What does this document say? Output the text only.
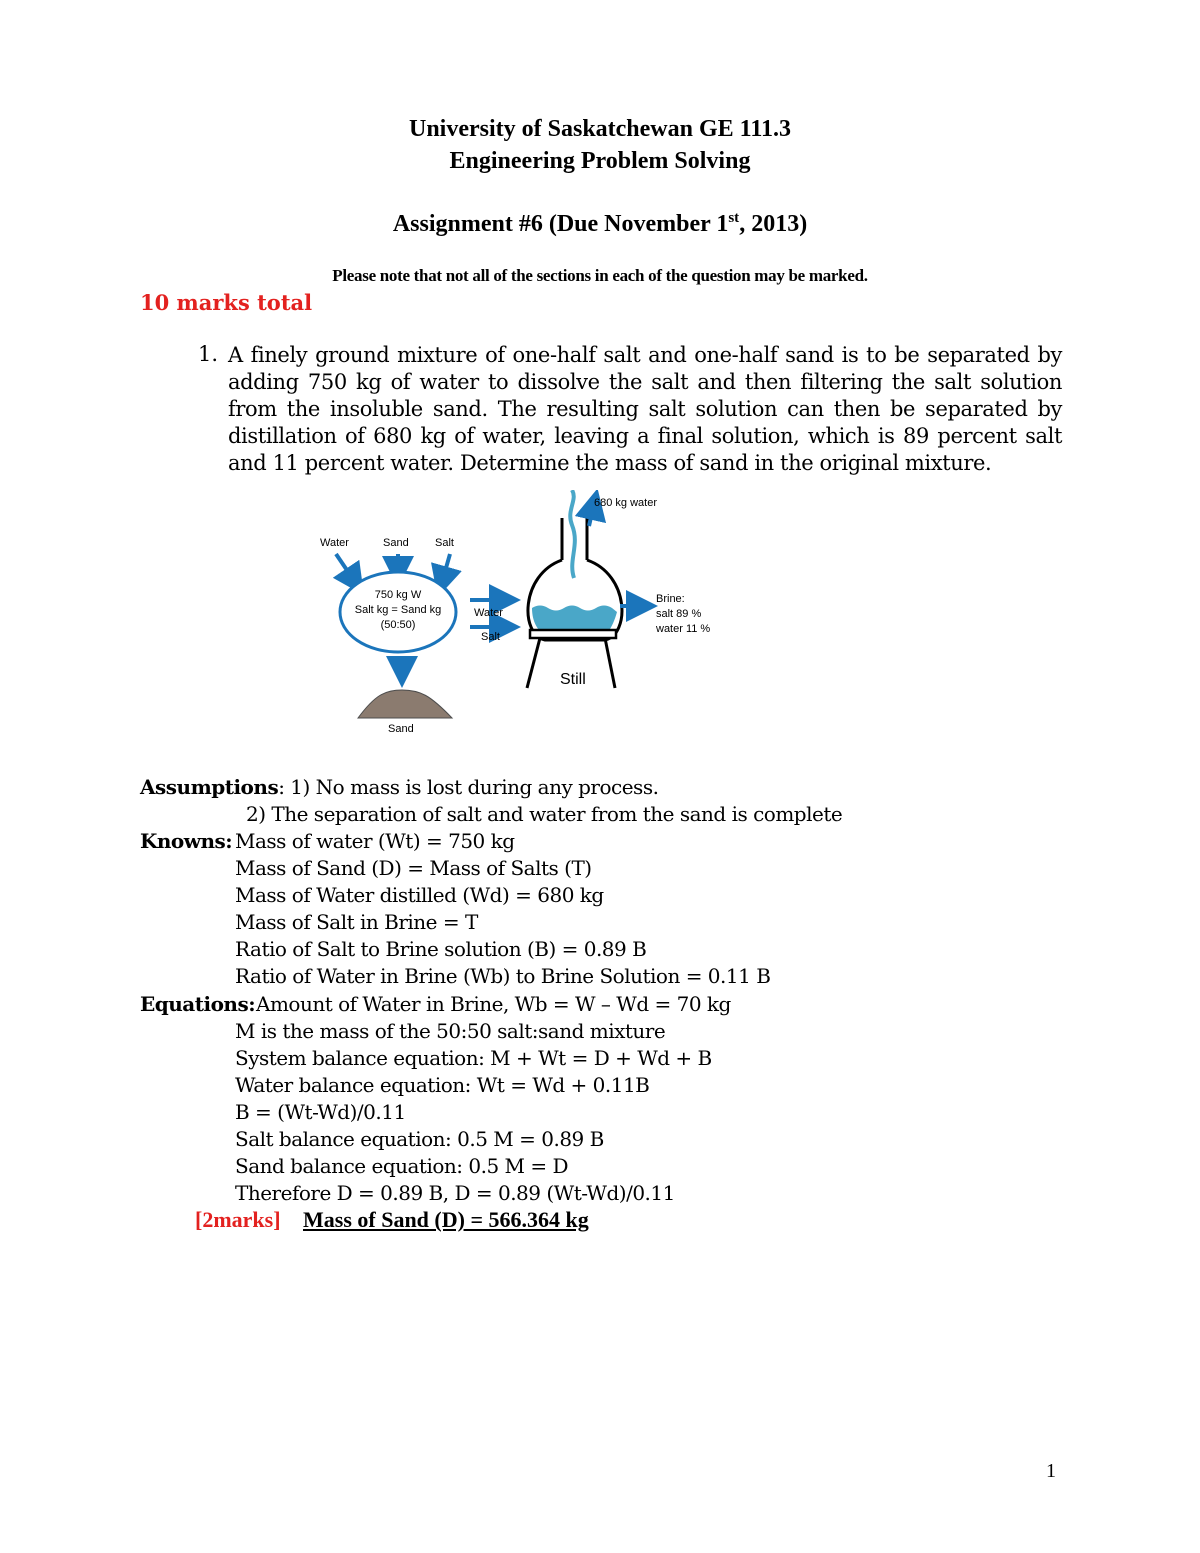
University of Saskatchewan GE 111.3
Engineering Problem Solving
Assignment #6 (Due November 1st, 2013)
Please note that not all of the sections in each of the question may be marked.
10 marks total
1. A finely ground mixture of one-half salt and one-half sand is to be separated by adding 750 kg of water to dissolve the salt and then filtering the salt solution from the insoluble sand. The resulting salt solution can then be separated by distillation of 680 kg of water, leaving a final solution, which is 89 percent salt and 11 percent water. Determine the mass of sand in the original mixture.
Water	Sand Salt
750 kg W
Salt kg = Sand kg
(50:50)
Sand
Water
Salt
680 kg water
Still
Brine:
salt 89 %
water 11 %
Assumptions: 1) No mass is lost during any process.
2) The separation of salt and water from the sand is complete
Knowns: Mass of water (Wt) = 750 kg
Mass of Sand (D) = Mass of Salts (T)
Mass of Water distilled (Wd) = 680 kg
Mass of Salt in Brine = T
Ratio of Salt to Brine solution (B) = 0.89 B
Ratio of Water in Brine (Wb) to Brine Solution = 0.11 B
Equations: Amount of Water in Brine, Wb = W – Wd = 70 kg
M is the mass of the 50:50 salt:sand mixture
System balance equation: M + Wt = D + Wd + B
Water balance equation: Wt = Wd + 0.11B
B = (Wt-Wd)/0.11
Salt balance equation: 0.5 M = 0.89 B
Sand balance equation: 0.5 M = D
Therefore D = 0.89 B, D = 0.89 (Wt-Wd)/0.11
[2marks] Mass of Sand (D) = 566.364 kg
1
